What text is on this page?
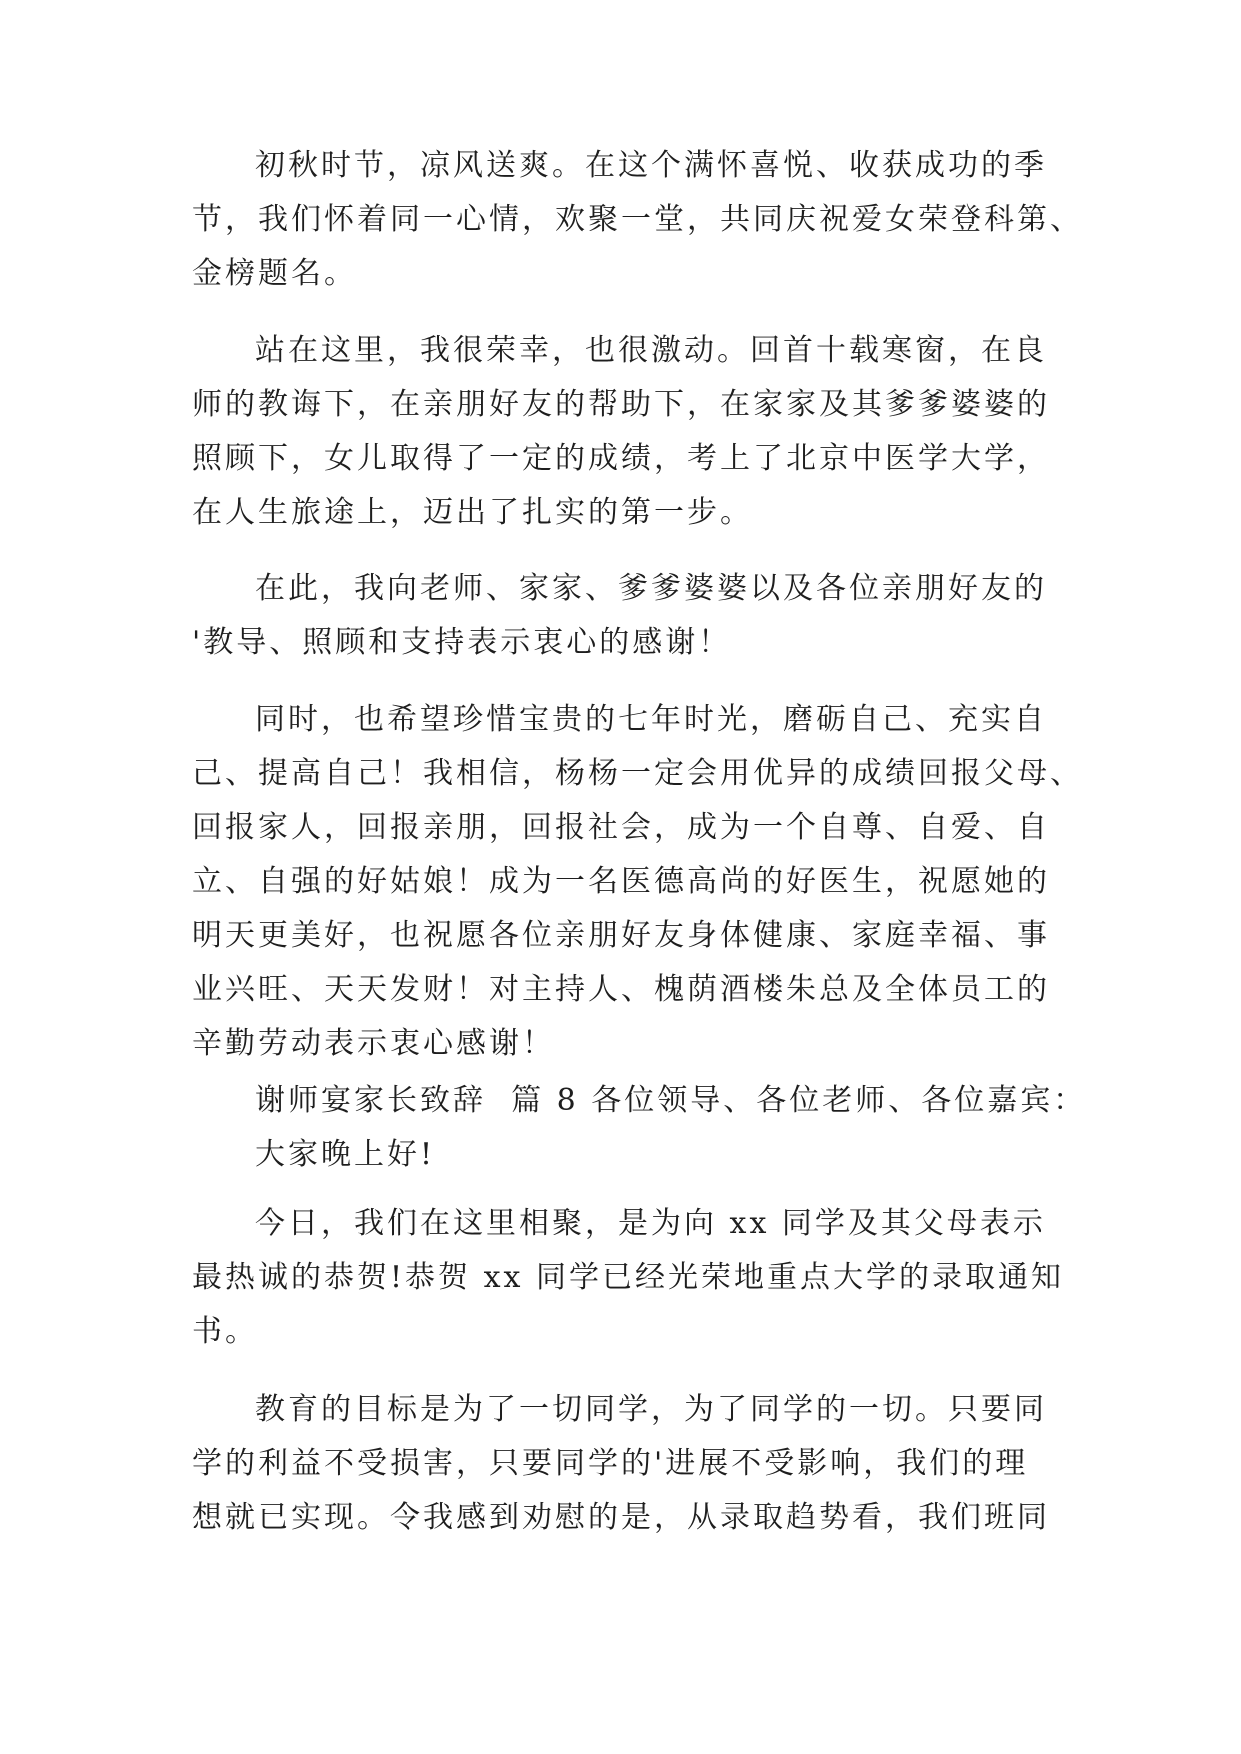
初秋时节，凉风送爽。在这个满怀喜悦、收获成功的季
节，我们怀着同一心情，欢聚一堂，共同庆祝爱女荣登科第、
金榜题名。
站在这里，我很荣幸，也很激动。回首十载寒窗，在良
师的教诲下，在亲朋好友的帮助下，在家家及其爹爹婆婆的
照顾下，女儿取得了一定的成绩，考上了北京中医学大学，
在人生旅途上，迈出了扎实的第一步。
在此，我向老师、家家、爹爹婆婆以及各位亲朋好友的
'教导、照顾和支持表示衷心的感谢！
同时，也希望珍惜宝贵的七年时光，磨砺自己、充实自
己、提高自己！我相信，杨杨一定会用优异的成绩回报父母、
回报家人，回报亲朋，回报社会，成为一个自尊、自爱、自
立、自强的好姑娘！成为一名医德高尚的好医生，祝愿她的
明天更美好，也祝愿各位亲朋好友身体健康、家庭幸福、事
业兴旺、天天发财！对主持人、槐荫酒楼朱总及全体员工的
辛勤劳动表示衷心感谢！
谢师宴家长致辞  篇 8 各位领导、各位老师、各位嘉宾：
大家晚上好!
今日，我们在这里相聚，是为向 xx 同学及其父母表示
最热诚的恭贺!恭贺 xx 同学已经光荣地重点大学的录取通知
书。
教育的目标是为了一切同学，为了同学的一切。只要同
学的利益不受损害，只要同学的'进展不受影响，我们的理
想就已实现。令我感到劝慰的是，从录取趋势看，我们班同
